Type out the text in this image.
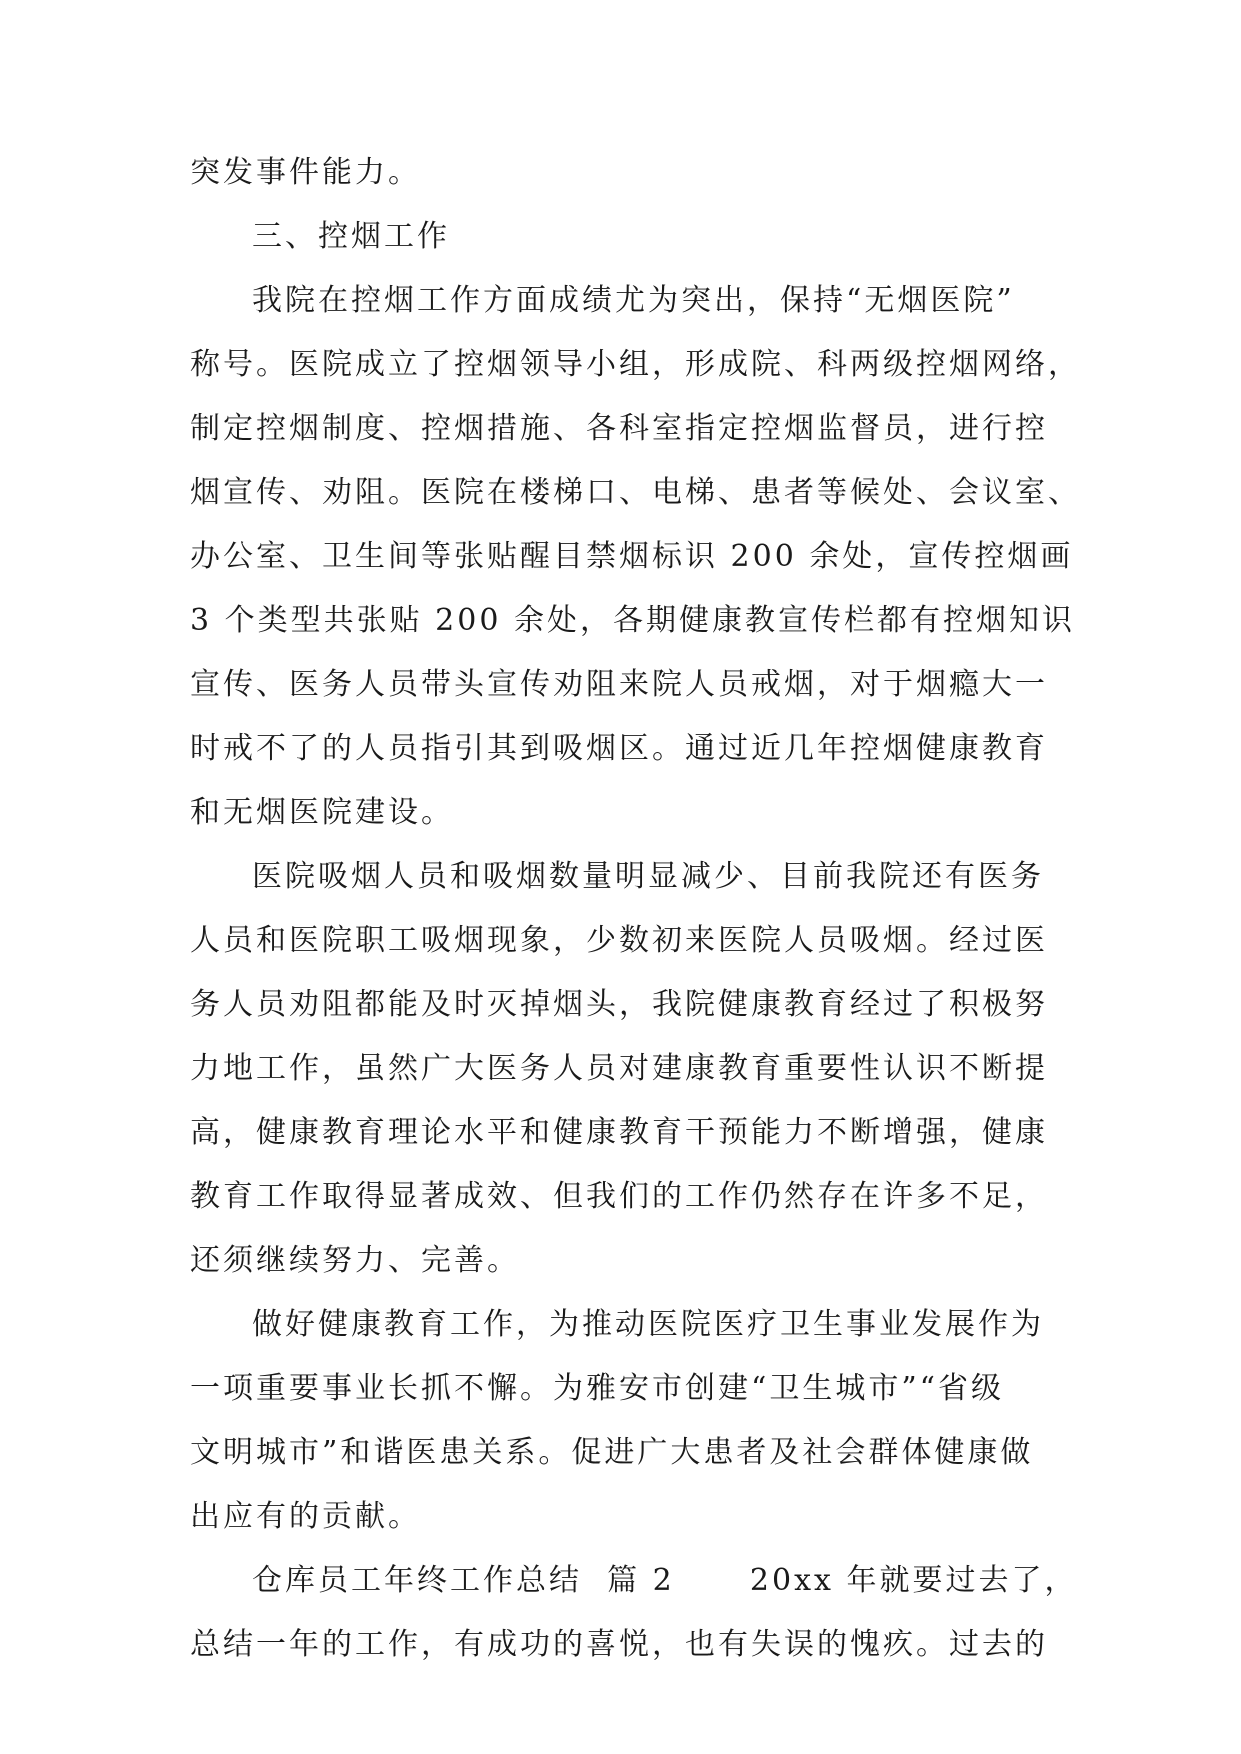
突发事件能力。
三、控烟工作
我院在控烟工作方面成绩尤为突出，保持“无烟医院”
称号。医院成立了控烟领导小组，形成院、科两级控烟网络，
制定控烟制度、控烟措施、各科室指定控烟监督员，进行控
烟宣传、劝阻。医院在楼梯口、电梯、患者等候处、会议室、
办公室、卫生间等张贴醒目禁烟标识 200 余处，宣传控烟画
3 个类型共张贴 200 余处，各期健康教宣传栏都有控烟知识
宣传、医务人员带头宣传劝阻来院人员戒烟，对于烟瘾大一
时戒不了的人员指引其到吸烟区。通过近几年控烟健康教育
和无烟医院建设。
医院吸烟人员和吸烟数量明显减少、目前我院还有医务
人员和医院职工吸烟现象，少数初来医院人员吸烟。经过医
务人员劝阻都能及时灭掉烟头，我院健康教育经过了积极努
力地工作，虽然广大医务人员对建康教育重要性认识不断提
高，健康教育理论水平和健康教育干预能力不断增强，健康
教育工作取得显著成效、但我们的工作仍然存在许多不足，
还须继续努力、完善。
做好健康教育工作，为推动医院医疗卫生事业发展作为
一项重要事业长抓不懈。为雅安市创建“卫生城市”“省级
文明城市”和谐医患关系。促进广大患者及社会群体健康做
出应有的贡献。
仓库员工年终工作总结  篇 2      20xx 年就要过去了，
总结一年的工作，有成功的喜悦，也有失误的愧疚。过去的
